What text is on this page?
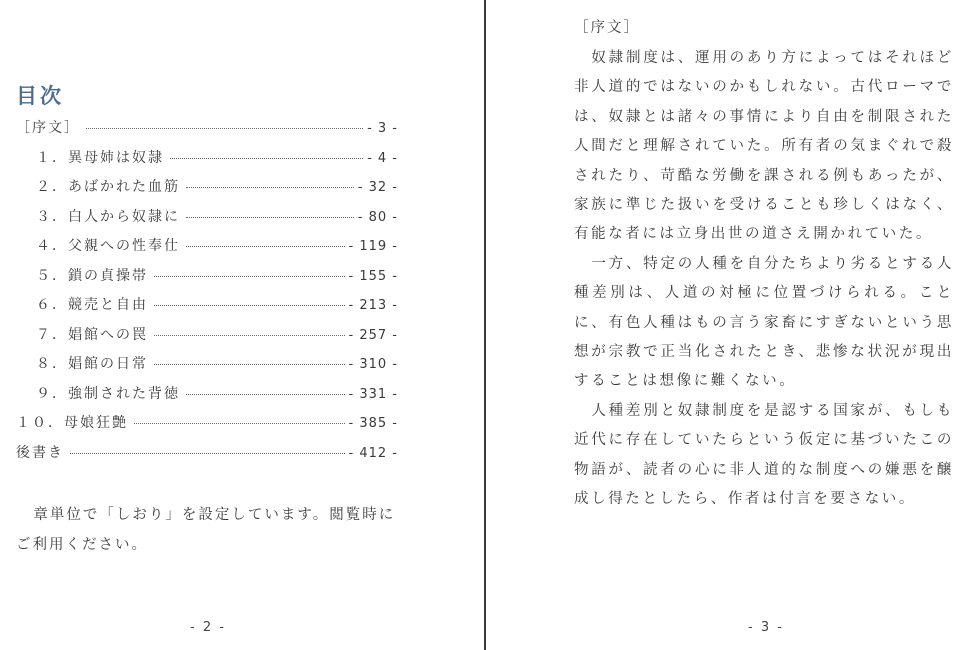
目次
［序文］	- 3 -
１．異母姉は奴隷	- 4 -
２．あばかれた血筋	- 32 -
３．白人から奴隷に	- 80 -
４．父親への性奉仕	- 119 -
５．鎖の貞操帯	- 155 -
６．競売と自由	- 213 -
７．娼館への罠	- 257 -
８．娼館の日常	- 310 -
９．強制された背徳	- 331 -
１０．母娘狂艶	- 385 -
後書き	- 412 -

章単位で「しおり」を設定しています。閲覧時にご利用ください。

- 2 -
［序文］

奴隷制度は、運用のあり方によってはそれほど非人道的ではないのかもしれない。古代ローマでは、奴隷とは諸々の事情により自由を制限された人間だと理解されていた。所有者の気まぐれで殺されたり、苛酷な労働を課される例もあったが、家族に準じた扱いを受けることも珍しくはなく、有能な者には立身出世の道さえ開かれていた。

一方、特定の人種を自分たちより劣るとする人種差別は、人道の対極に位置づけられる。ことに、有色人種はもの言う家畜にすぎないという思想が宗教で正当化されたとき、悲惨な状況が現出することは想像に難くない。

人種差別と奴隷制度を是認する国家が、もしも近代に存在していたらという仮定に基づいたこの物語が、読者の心に非人道的な制度への嫌悪を醸成し得たとしたら、作者は付言を要さない。

- 3 -
